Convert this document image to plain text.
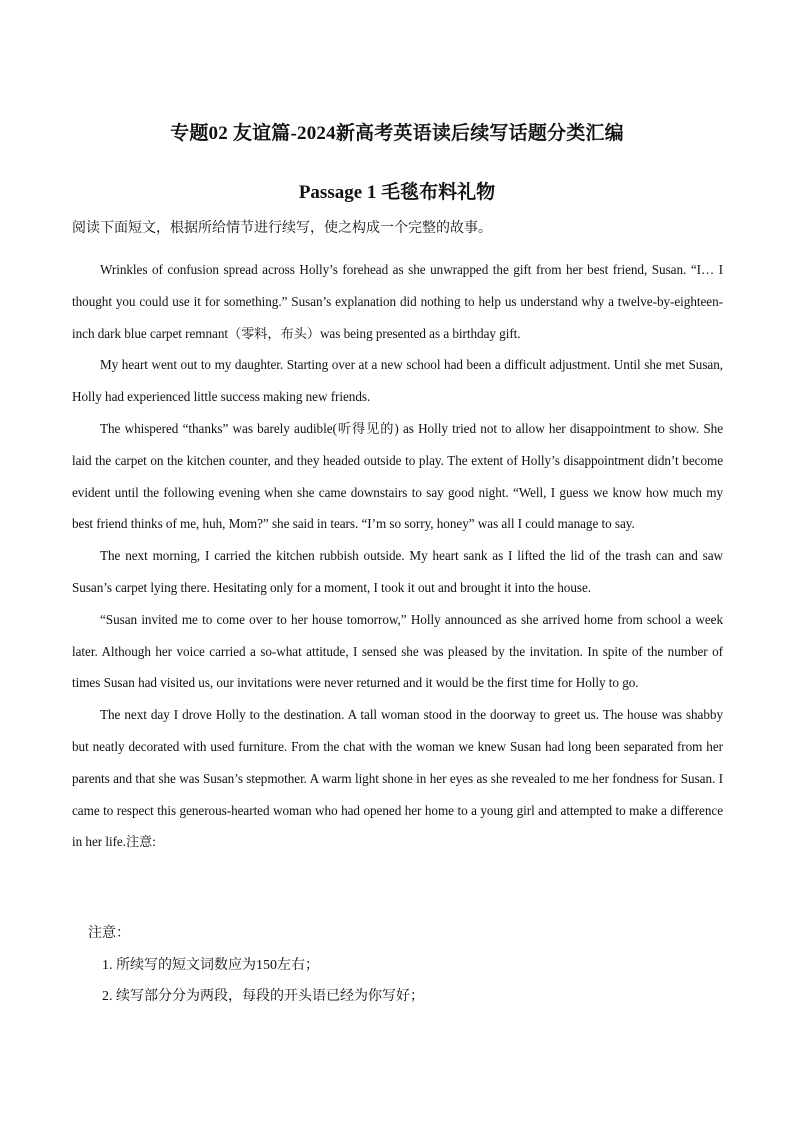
专题02 友谊篇-2024新高考英语读后续写话题分类汇编
Passage 1 毛毯布料礼物
阅读下面短文，根据所给情节进行续写，使之构成一个完整的故事。

Wrinkles of confusion spread across Holly’s forehead as she unwrapped the gift from her best friend, Susan. “I… I thought you could use it for something.” Susan’s explanation did nothing to help us understand why a twelve-by-eighteen-inch dark blue carpet remnant（零料，布头）was being presented as a birthday gift.

My heart went out to my daughter. Starting over at a new school had been a difficult adjustment. Until she met Susan, Holly had experienced little success making new friends.

The whispered “thanks” was barely audible(听得见的) as Holly tried not to allow her disappointment to show. She laid the carpet on the kitchen counter, and they headed outside to play. The extent of Holly’s disappointment didn’t become evident until the following evening when she came downstairs to say good night. “Well, I guess we know how much my best friend thinks of me, huh, Mom?” she said in tears. “I’m so sorry, honey” was all I could manage to say.

The next morning, I carried the kitchen rubbish outside. My heart sank as I lifted the lid of the trash can and saw Susan’s carpet lying there. Hesitating only for a moment, I took it out and brought it into the house.

“Susan invited me to come over to her house tomorrow,” Holly announced as she arrived home from school a week later. Although her voice carried a so-what attitude, I sensed she was pleased by the invitation. In spite of the number of times Susan had visited us, our invitations were never returned and it would be the first time for Holly to go.

The next day I drove Holly to the destination. A tall woman stood in the doorway to greet us. The house was shabby but neatly decorated with used furniture. From the chat with the woman we knew Susan had long been separated from her parents and that she was Susan’s stepmother. A warm light shone in her eyes as she revealed to me her fondness for Susan. I came to respect this generous-hearted woman who had opened her home to a young girl and attempted to make a difference in her life.注意:

注意：
1. 所续写的短文词数应为150左右；
2. 续写部分分为两段，每段的开头语已经为你写好；
